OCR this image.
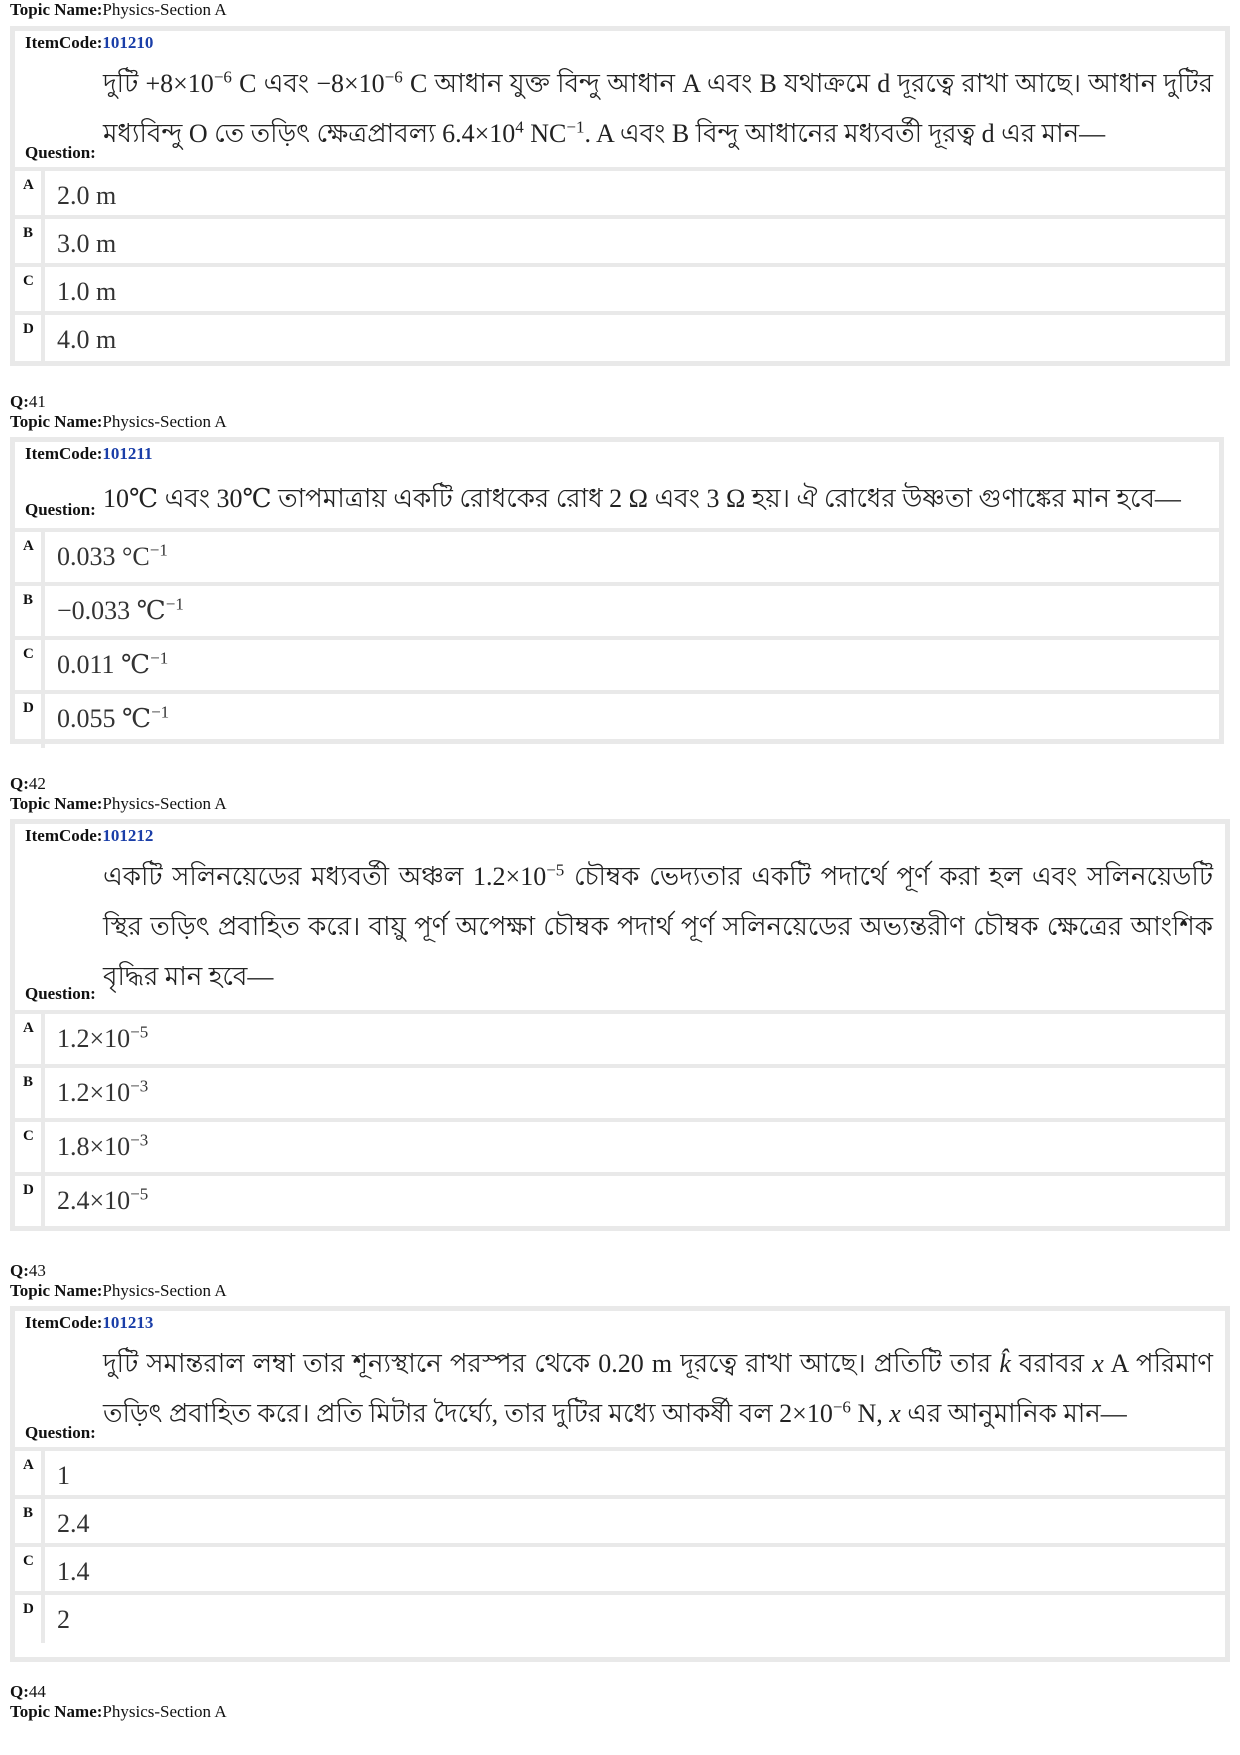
Topic Name:Physics-Section A
ItemCode:101210
দুটি $+8\times 10^{-6}$ C এবং $-8\times 10^{-6}$ C আধান যুক্ত বিন্দু আধান A এবং B যথাক্রমে d দূরত্বে রাখা আছে। আধান দুটির মধ্যবিন্দু O তে তড়িৎ ক্ষেত্রপ্রাবল্য $6.4\times 10^4$ $NC^{-1}$. A এবং B বিন্দু আধানের মধ্যবর্তী দূরত্ব d এর মান—
Question:
A 2.0 m
B 3.0 m
C 1.0 m
D 4.0 m
Q:41
Topic Name:Physics-Section A
ItemCode:101211
10℃ এবং 30℃ তাপমাত্রায় একটি রোধকের রোধ 2 Ω এবং 3 Ω হয়। ঐ রোধের উষ্ণতা গুণাঙ্কের মান হবে—
Question:
A 0.033 $^\circ C^{-1}$
B −0.033 ℃$^{-1}$
C 0.011 ℃$^{-1}$
D 0.055 ℃$^{-1}$
Q:42
Topic Name:Physics-Section A
ItemCode:101212
একটি সলিনয়েডের মধ্যবর্তী অঞ্চল $1.2\times 10^{-5}$ চৌম্বক ভেদ্যতার একটি পদার্থে পূর্ণ করা হল এবং সলিনয়েডটি স্থির তড়িৎ প্রবাহিত করে। বায়ু পূর্ণ অপেক্ষা চৌম্বক পদার্থ পূর্ণ সলিনয়েডের অভ্যন্তরীণ চৌম্বক ক্ষেত্রের আংশিক বৃদ্ধির মান হবে—
Question:
A $1.2\times 10^{-5}$
B $1.2\times 10^{-3}$
C $1.8\times 10^{-3}$
D $2.4\times 10^{-5}$
Q:43
Topic Name:Physics-Section A
ItemCode:101213
দুটি সমান্তরাল লম্বা তার শূন্যস্থানে পরস্পর থেকে 0.20 m দূরত্বে রাখা আছে। প্রতিটি তার k̂ বরাবর x A পরিমাণ তড়িৎ প্রবাহিত করে। প্রতি মিটার দৈর্ঘ্যে, তার দুটির মধ্যে আকর্ষী বল $2\times 10^{-6}$ N, x এর আনুমানিক মান—
Question:
A 1
B 2.4
C 1.4
D 2
Q:44
Topic Name:Physics-Section A
